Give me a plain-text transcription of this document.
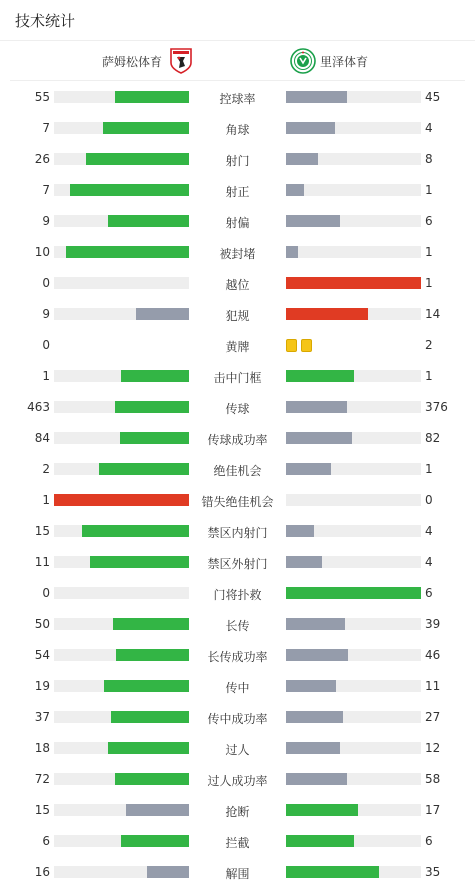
技术统计
萨姆松体育	里泽体育
55	控球率	45
7	角球	4
26	射门	8
7	射正	1
9	射偏	6
10	被封堵	1
0	越位	1
9	犯规	14
0	黄牌	2
1	击中门框	1
463	传球	376
84	传球成功率	82
2	绝佳机会	1
1	错失绝佳机会	0
15	禁区内射门	4
11	禁区外射门	4
0	门将扑救	6
50	长传	39
54	长传成功率	46
19	传中	11
37	传中成功率	27
18	过人	12
72	过人成功率	58
15	抢断	17
6	拦截	6
16	解围	35
